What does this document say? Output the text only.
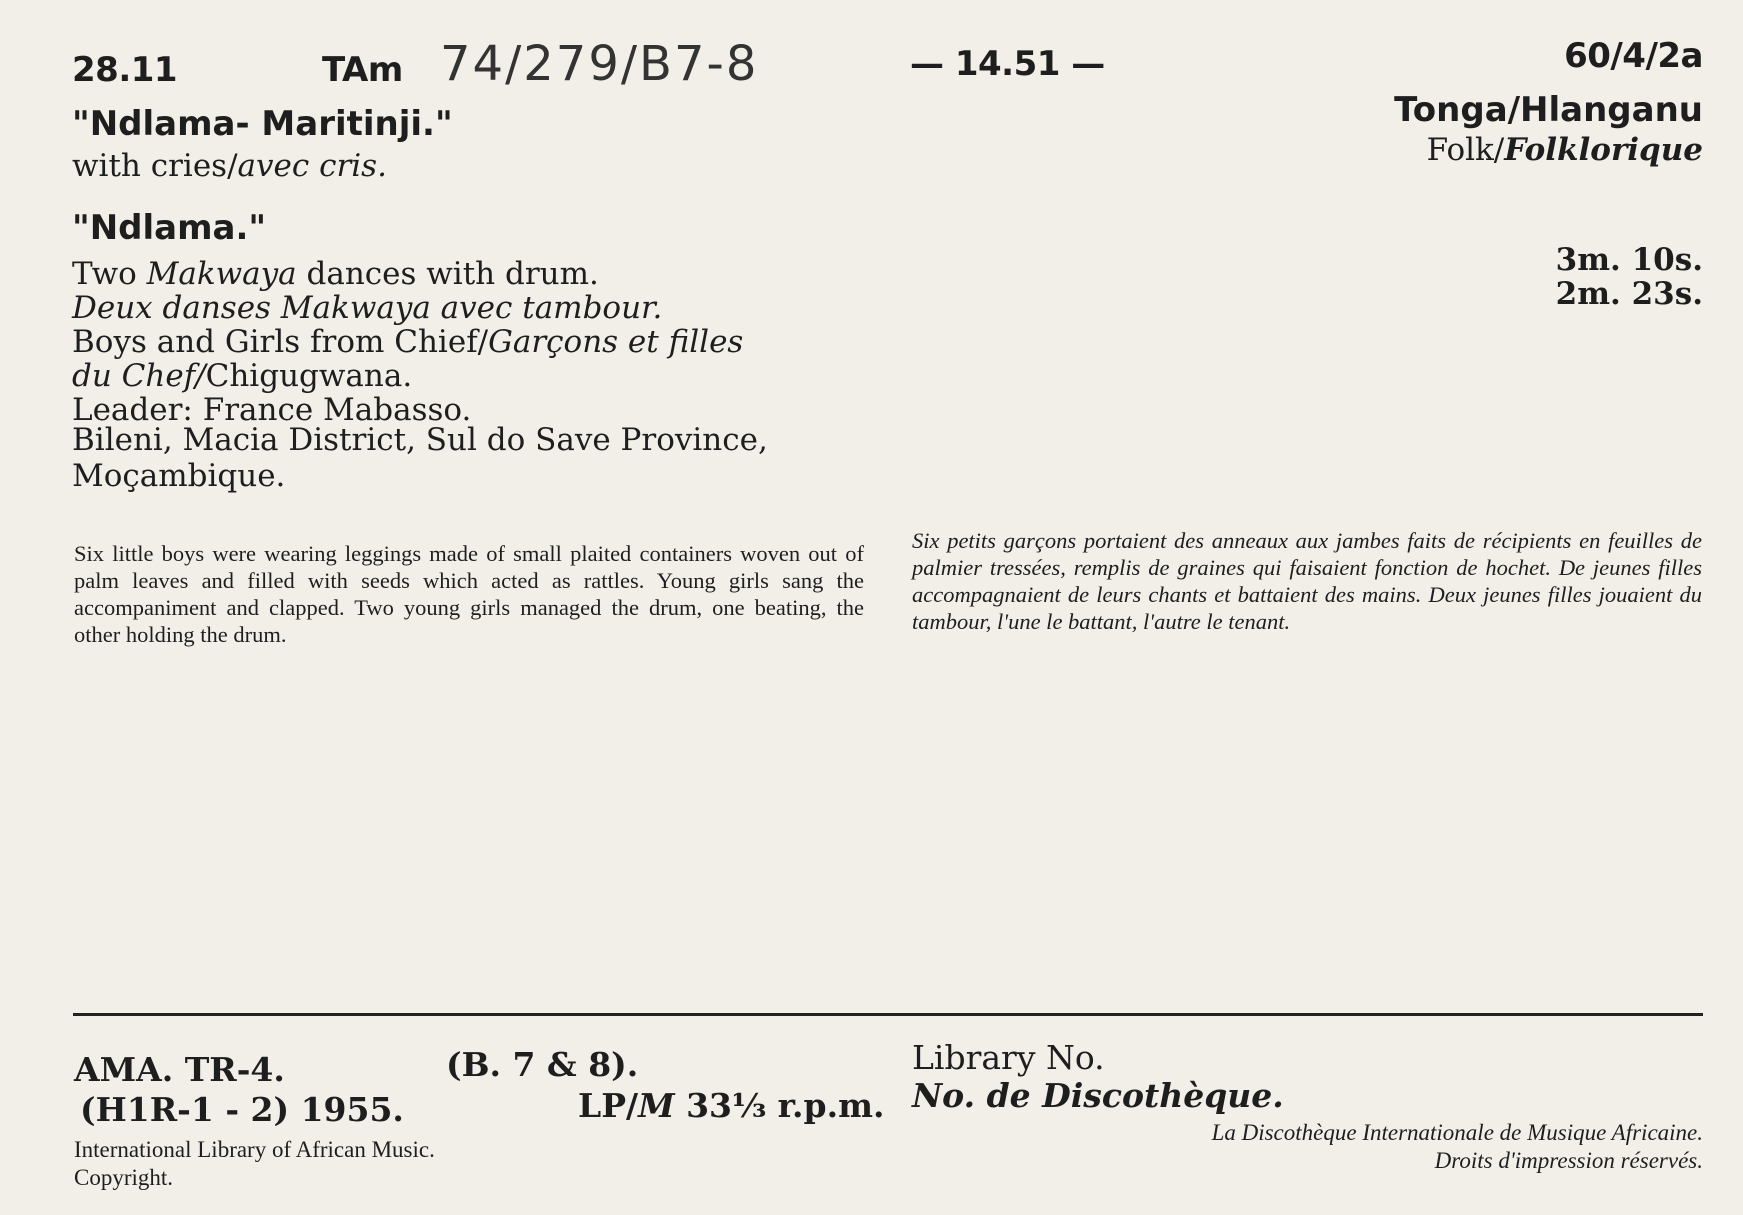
28.11	TAm 74/279/B7-8	— 14.51 —	60/4/2a
"Ndlama- Maritinji."
with cries/avec cris.
Tonga/Hlanganu
Folk/Folklorique
"Ndlama."
3m. 10s.
2m. 23s.
Two Makwaya dances with drum.
Deux danses Makwaya avec tambour.
Boys and Girls from Chief/Garçons et filles
du Chef/Chigugwana.
Leader: France Mabasso.
Bileni, Macia District, Sul do Save Province,
Moçambique.
Six little boys were wearing leggings made of small plaited containers woven out of palm leaves and filled with seeds which acted as rattles. Young girls sang the accompaniment and clapped. Two young girls managed the drum, one beating, the other holding the drum.
Six petits garçons portaient des anneaux aux jambes faits de récipients en feuilles de palmier tressées, remplis de graines qui faisaient fonction de hochet. De jeunes filles accompagnaient de leurs chants et battaient des mains. Deux jeunes filles jouaient du tambour, l'une le battant, l'autre le tenant.
AMA. TR-4.	(B. 7 & 8).
(H1R-1 - 2) 1955.	LP/M 33⅓ r.p.m.
Library No.
No. de Discothèque.
International Library of African Music.
Copyright.
La Discothèque Internationale de Musique Africaine.
Droits d'impression réservés.
